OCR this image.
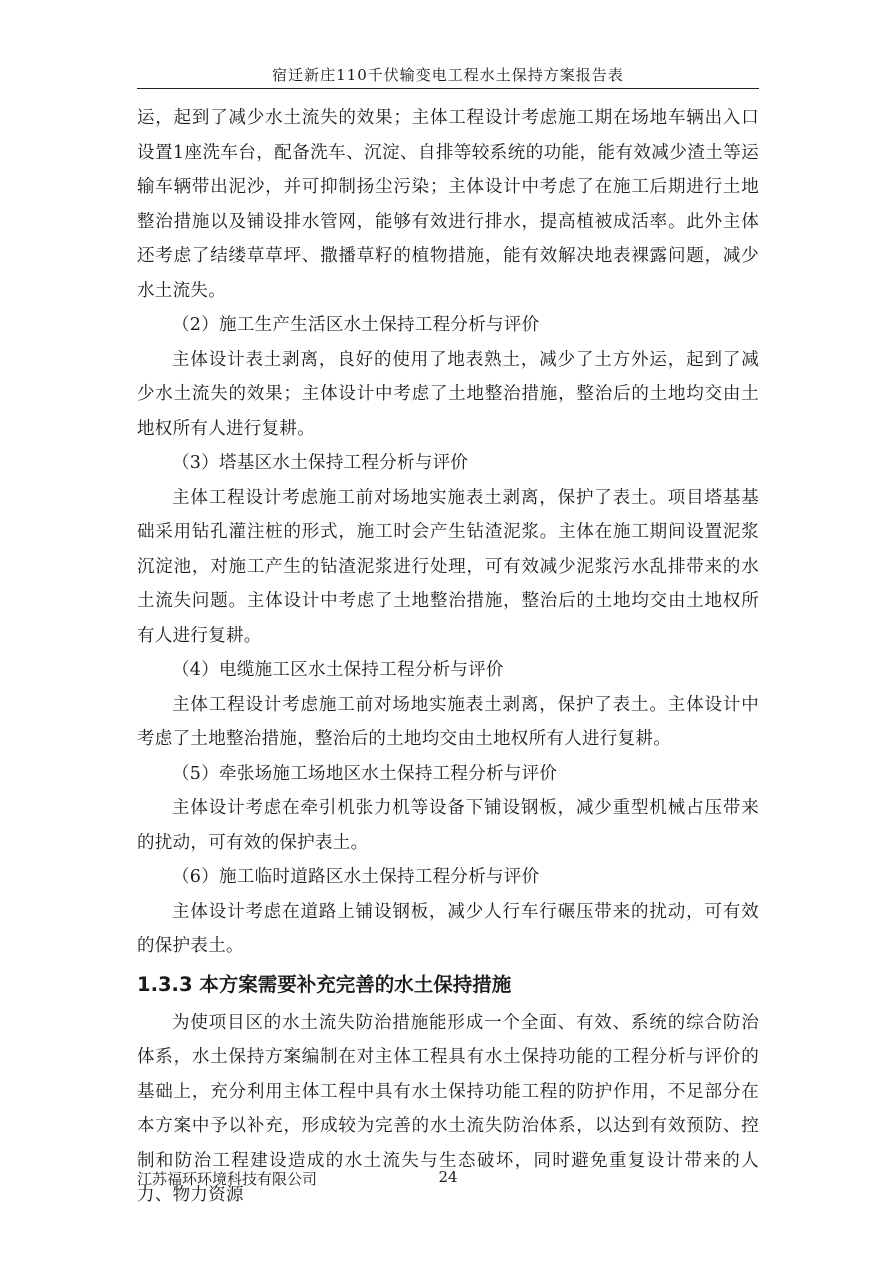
宿迁新庄110千伏输变电工程水土保持方案报告表

运，起到了减少水土流失的效果；主体工程设计考虑施工期在场地车辆出入口设置1座洗车台，配备洗车、沉淀、自排等较系统的功能，能有效减少渣土等运输车辆带出泥沙，并可抑制扬尘污染；主体设计中考虑了在施工后期进行土地整治措施以及铺设排水管网，能够有效进行排水，提高植被成活率。此外主体还考虑了结缕草草坪、撒播草籽的植物措施，能有效解决地表裸露问题，减少水土流失。

（2）施工生产生活区水土保持工程分析与评价

主体设计表土剥离，良好的使用了地表熟土，减少了土方外运，起到了减少水土流失的效果；主体设计中考虑了土地整治措施，整治后的土地均交由土地权所有人进行复耕。

（3）塔基区水土保持工程分析与评价

主体工程设计考虑施工前对场地实施表土剥离，保护了表土。项目塔基基础采用钻孔灌注桩的形式，施工时会产生钻渣泥浆。主体在施工期间设置泥浆沉淀池，对施工产生的钻渣泥浆进行处理，可有效减少泥浆污水乱排带来的水土流失问题。主体设计中考虑了土地整治措施，整治后的土地均交由土地权所有人进行复耕。

（4）电缆施工区水土保持工程分析与评价

主体工程设计考虑施工前对场地实施表土剥离，保护了表土。主体设计中考虑了土地整治措施，整治后的土地均交由土地权所有人进行复耕。

（5）牵张场施工场地区水土保持工程分析与评价

主体设计考虑在牵引机张力机等设备下铺设钢板，减少重型机械占压带来的扰动，可有效的保护表土。

（6）施工临时道路区水土保持工程分析与评价

主体设计考虑在道路上铺设钢板，减少人行车行碾压带来的扰动，可有效的保护表土。

1.3.3 本方案需要补充完善的水土保持措施

为使项目区的水土流失防治措施能形成一个全面、有效、系统的综合防治体系，水土保持方案编制在对主体工程具有水土保持功能的工程分析与评价的基础上，充分利用主体工程中具有水土保持功能工程的防护作用，不足部分在本方案中予以补充，形成较为完善的水土流失防治体系，以达到有效预防、控制和防治工程建设造成的水土流失与生态破坏，同时避免重复设计带来的人力、物力资源

江苏福环环境科技有限公司	24
